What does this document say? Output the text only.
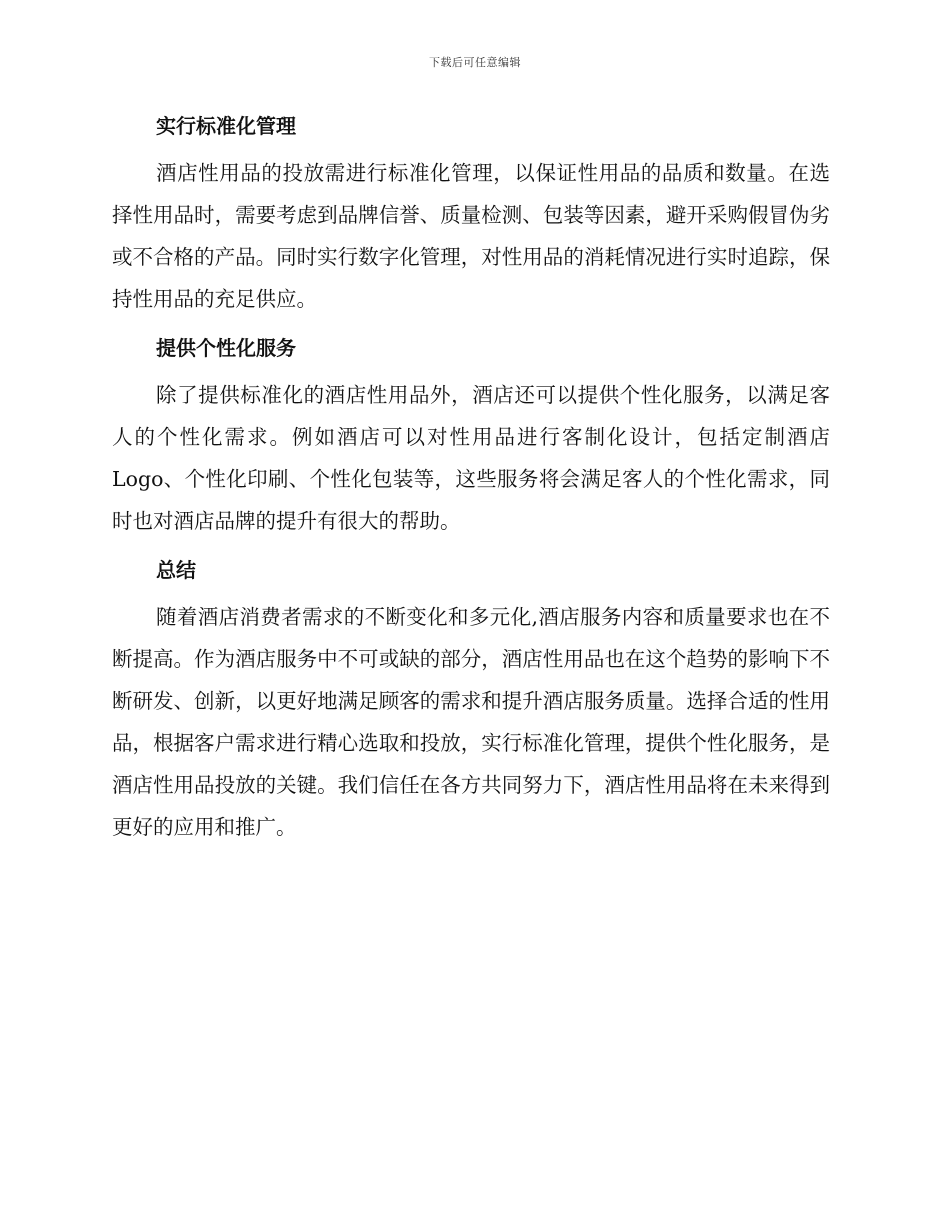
下载后可任意编辑
实行标准化管理

酒店性用品的投放需进行标准化管理，以保证性用品的品质和数量。在选择性用品时，需要考虑到品牌信誉、质量检测、包装等因素，避开采购假冒伪劣或不合格的产品。同时实行数字化管理，对性用品的消耗情况进行实时追踪，保持性用品的充足供应。

提供个性化服务

除了提供标准化的酒店性用品外，酒店还可以提供个性化服务，以满足客人的个性化需求。例如酒店可以对性用品进行客制化设计，包括定制酒店Logo、个性化印刷、个性化包装等，这些服务将会满足客人的个性化需求，同时也对酒店品牌的提升有很大的帮助。

总结

随着酒店消费者需求的不断变化和多元化,酒店服务内容和质量要求也在不断提高。作为酒店服务中不可或缺的部分，酒店性用品也在这个趋势的影响下不断研发、创新，以更好地满足顾客的需求和提升酒店服务质量。选择合适的性用品，根据客户需求进行精心选取和投放，实行标准化管理，提供个性化服务，是酒店性用品投放的关键。我们信任在各方共同努力下，酒店性用品将在未来得到更好的应用和推广。
